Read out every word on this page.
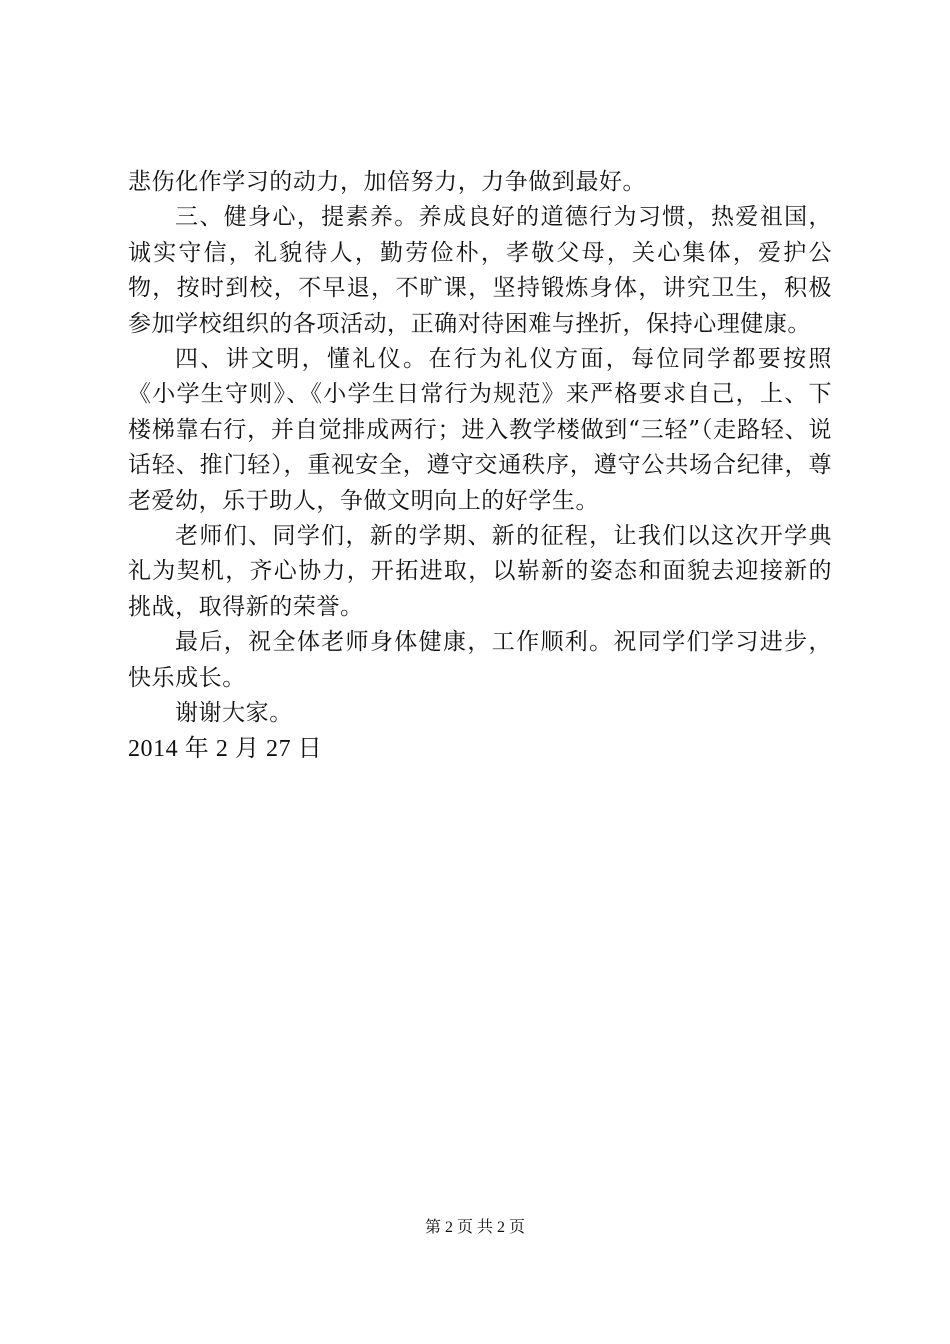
悲伤化作学习的动力，加倍努力，力争做到最好。

三、健身心，提素养。养成良好的道德行为习惯，热爱祖国，诚实守信，礼貌待人，勤劳俭朴，孝敬父母，关心集体，爱护公物，按时到校，不早退，不旷课，坚持锻炼身体，讲究卫生，积极参加学校组织的各项活动，正确对待困难与挫折，保持心理健康。

四、讲文明，懂礼仪。在行为礼仪方面，每位同学都要按照《小学生守则》、《小学生日常行为规范》来严格要求自己，上、下楼梯靠右行，并自觉排成两行；进入教学楼做到“三轻”（走路轻、说话轻、推门轻），重视安全，遵守交通秩序，遵守公共场合纪律，尊老爱幼，乐于助人，争做文明向上的好学生。

老师们、同学们，新的学期、新的征程，让我们以这次开学典礼为契机，齐心协力，开拓进取，以崭新的姿态和面貌去迎接新的挑战，取得新的荣誉。

最后，祝全体老师身体健康，工作顺利。祝同学们学习进步，快乐成长。

谢谢大家。

2014 年 2 月 27 日

第 2 页 共 2 页
